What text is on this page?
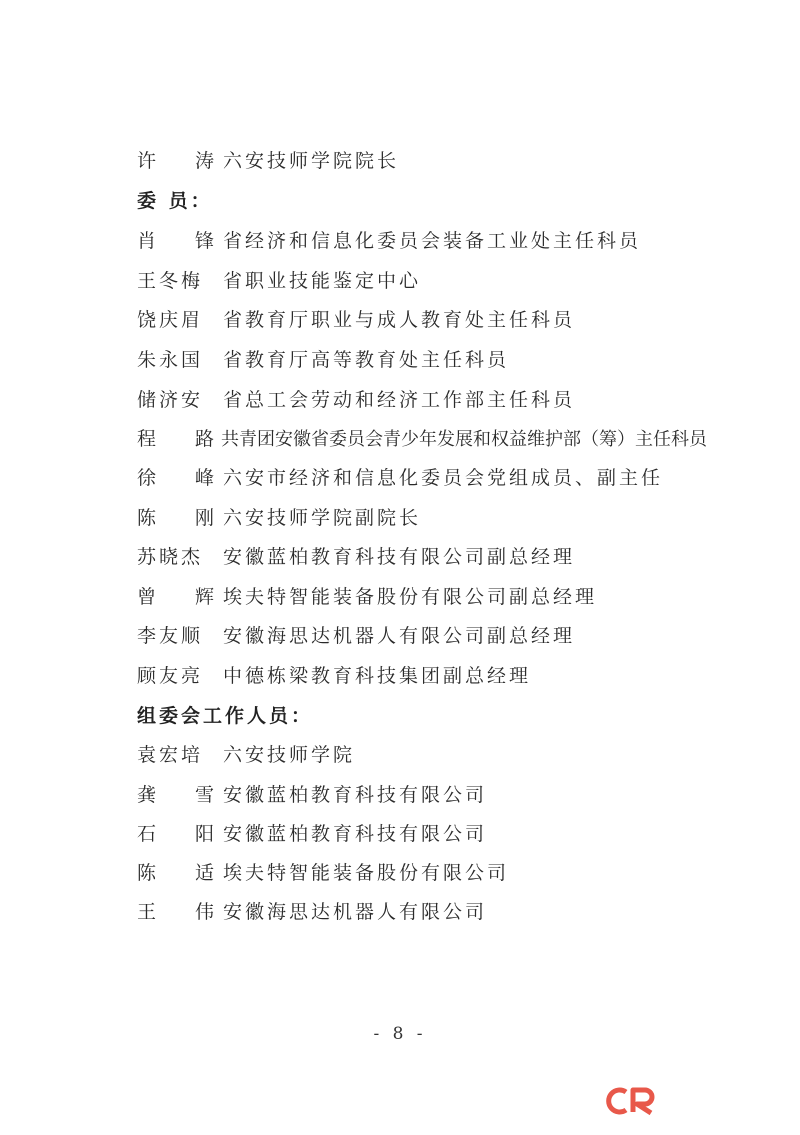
许涛 六安技师学院院长
委 员：
肖锋 省经济和信息化委员会装备工业处主任科员
王冬梅 省职业技能鉴定中心
饶庆眉 省教育厅职业与成人教育处主任科员
朱永国 省教育厅高等教育处主任科员
储济安 省总工会劳动和经济工作部主任科员
程路 共青团安徽省委员会青少年发展和权益维护部（筹）主任科员
徐峰 六安市经济和信息化委员会党组成员、副主任
陈刚 六安技师学院副院长
苏晓杰 安徽蓝柏教育科技有限公司副总经理
曾辉 埃夫特智能装备股份有限公司副总经理
李友顺 安徽海思达机器人有限公司副总经理
顾友亮 中德栋梁教育科技集团副总经理
组委会工作人员：
袁宏培 六安技师学院
龚雪 安徽蓝柏教育科技有限公司
石阳 安徽蓝柏教育科技有限公司
陈适 埃夫特智能装备股份有限公司
王伟 安徽海思达机器人有限公司
- 8 -
